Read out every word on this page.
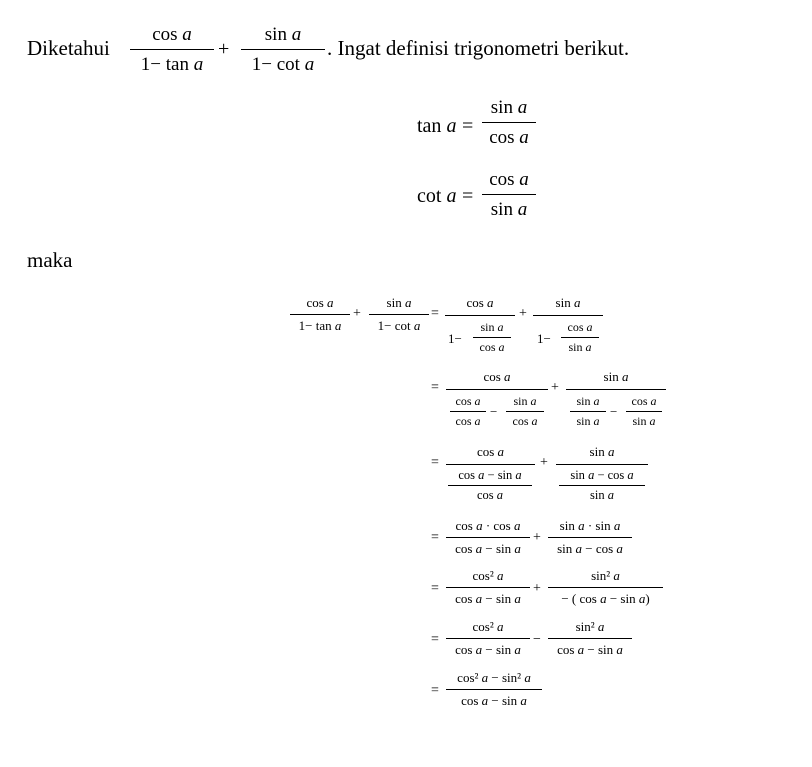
Diketahui
cos a
1− tan a
+
sin a
1− cot a
. Ingat definisi trigonometri berikut.
tan a =
sin a
cos a
cot a =
cos a
sin a
maka
cos a
1− tan a
+
sin a
1− cot a
=
cos a
1−
sin a
cos a
+
sin a
1−
cos a
sin a
=
cos a
cos a
cos a
−
sin a
cos a
+
sin a
sin a
sin a
−
cos a
sin a
=
cos a
cos a − sin a
cos a
+
sin a
sin a − cos a
sin a
=
cos a · cos a
cos a − sin a
+
sin a · sin a
sin a − cos a
=
cos² a
cos a − sin a
+
sin² a
− ( cos a − sin a)
=
cos² a
cos a − sin a
−
sin² a
cos a − sin a
=
cos² a − sin² a
cos a − sin a
